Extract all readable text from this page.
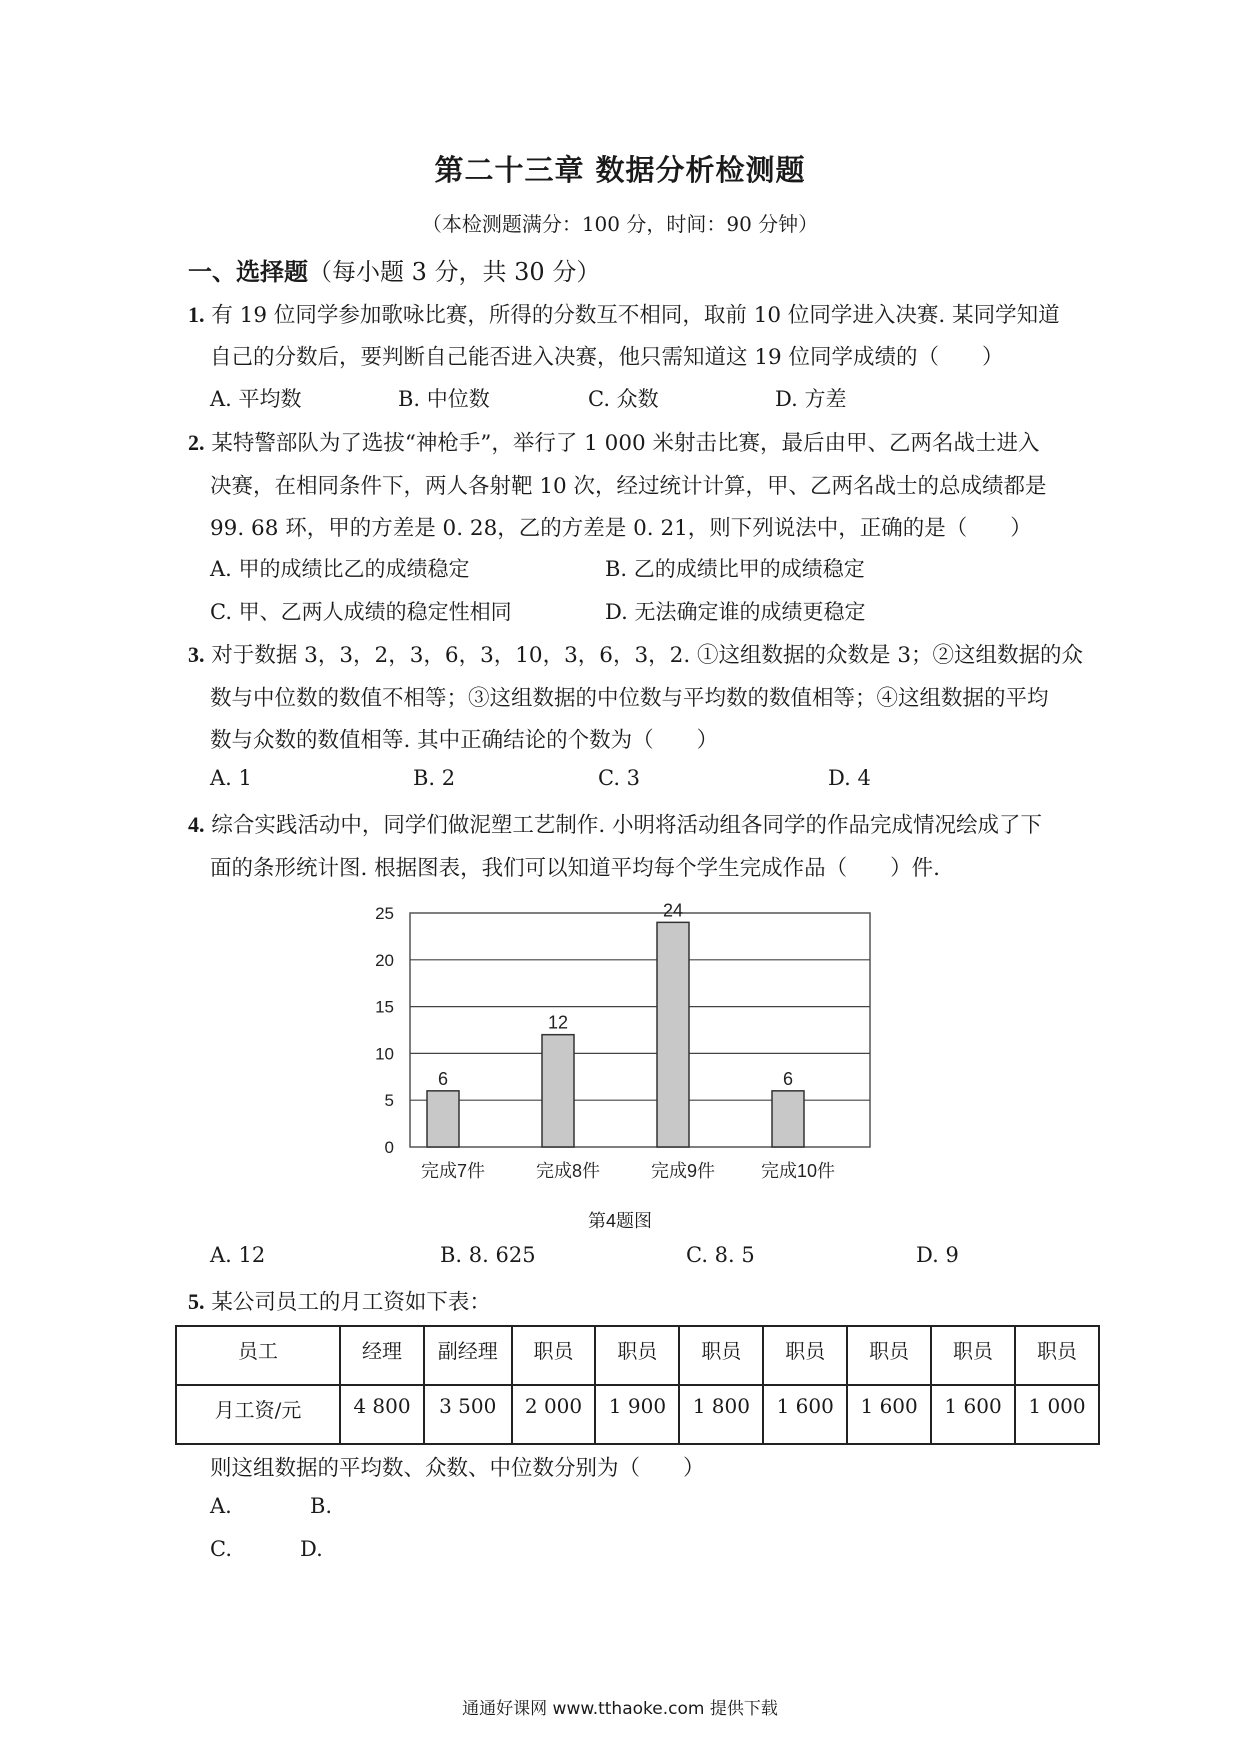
第二十三章 数据分析检测题
（本检测题满分：100 分，时间：90 分钟）
一、选择题（每小题 3 分，共 30 分）
1. 有 19 位同学参加歌咏比赛，所得的分数互不相同，取前 10 位同学进入决赛. 某同学知道
自己的分数后，要判断自己能否进入决赛，他只需知道这 19 位同学成绩的（　　）
A. 平均数	B. 中位数	C. 众数	D. 方差
2. 某特警部队为了选拔“神枪手”，举行了 1 000 米射击比赛，最后由甲、乙两名战士进入
决赛，在相同条件下，两人各射靶 10 次，经过统计计算，甲、乙两名战士的总成绩都是
99. 68 环，甲的方差是 0. 28，乙的方差是 0. 21，则下列说法中，正确的是（　　）
A. 甲的成绩比乙的成绩稳定	B. 乙的成绩比甲的成绩稳定
C. 甲、乙两人成绩的稳定性相同	D. 无法确定谁的成绩更稳定
3. 对于数据 3，3，2，3，6，3，10，3，6，3，2. ①这组数据的众数是 3；②这组数据的众
数与中位数的数值不相等；③这组数据的中位数与平均数的数值相等；④这组数据的平均
数与众数的数值相等. 其中正确结论的个数为（　　）
A. 1	B. 2	C. 3	D. 4
4. 综合实践活动中，同学们做泥塑工艺制作. 小明将活动组各同学的作品完成情况绘成了下
面的条形统计图. 根据图表，我们可以知道平均每个学生完成作品（　　）件.
0
5
10
15
20
25
6
完成7件
12
完成8件
24
完成9件
6
完成10件
第4题图
A. 12	B. 8. 625	C. 8. 5	D. 9
5. 某公司员工的月工资如下表：
员工	经理	副经理	职员	职员	职员	职员	职员	职员	职员
月工资/元	4 800	3 500	2 000	1 900	1 800	1 600	1 600	1 600	1 000
则这组数据的平均数、众数、中位数分别为（　　）
A.	B.
C.	D.
通通好课网 www.tthaoke.com 提供下载
